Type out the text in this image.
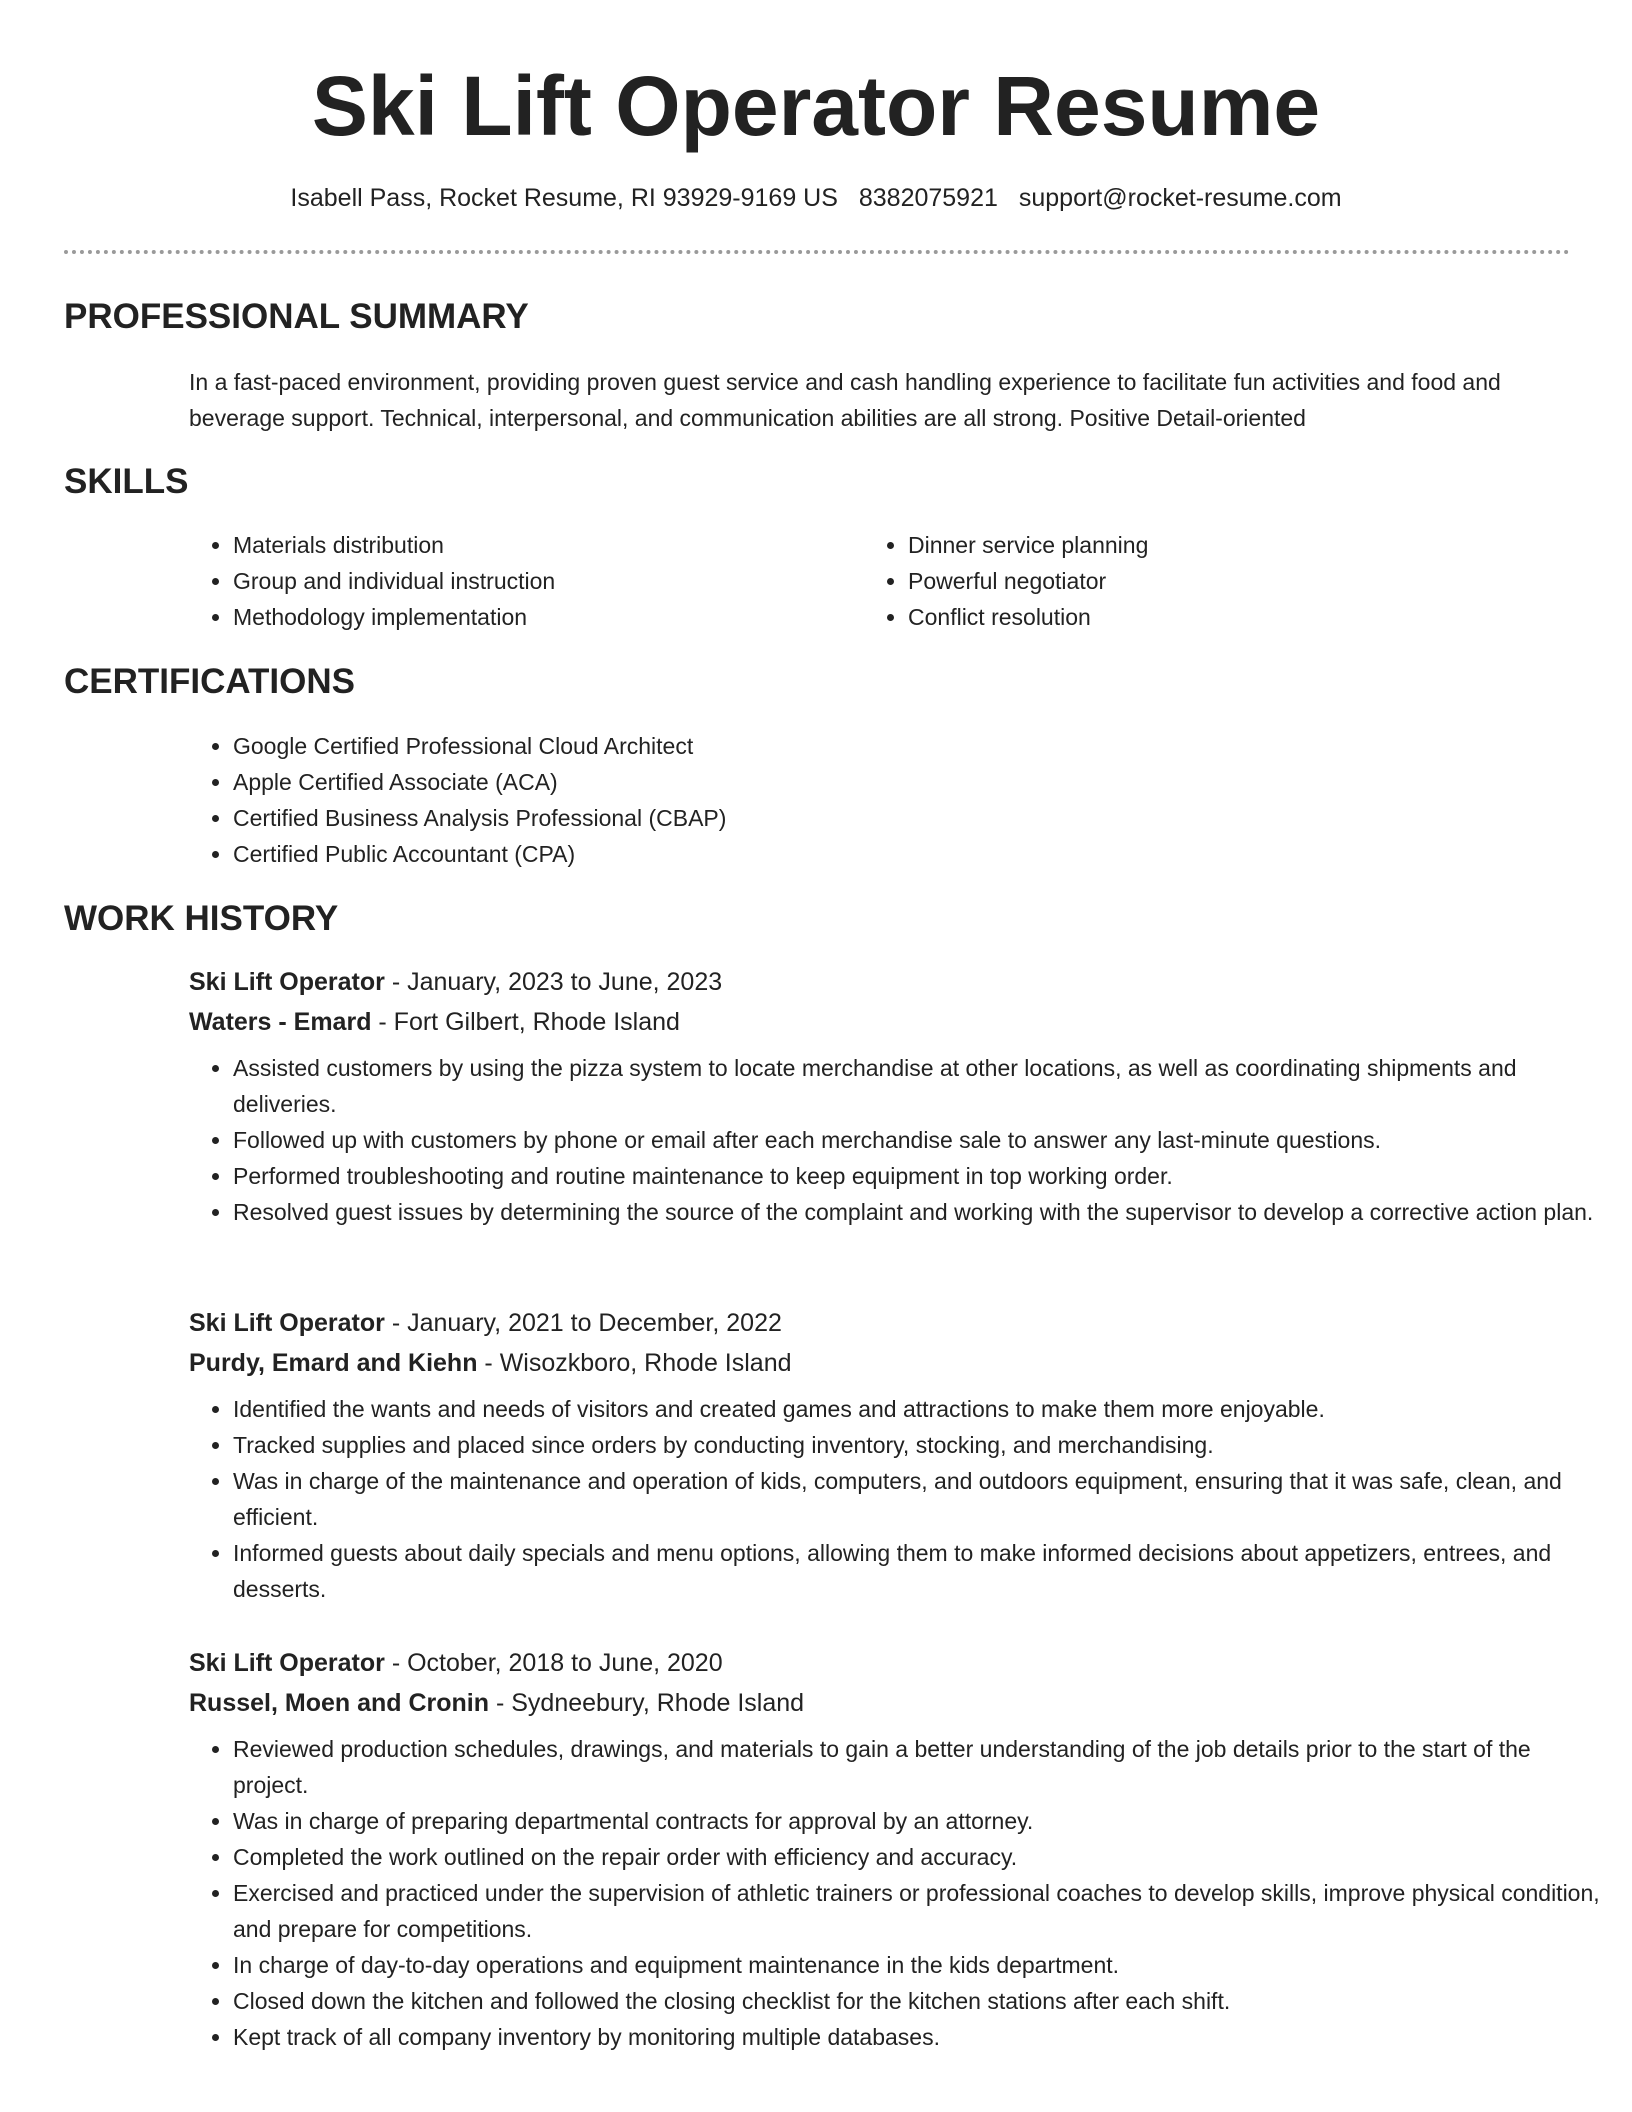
Ski Lift Operator Resume
Isabell Pass, Rocket Resume, RI 93929-9169 US 8382075921 support@rocket-resume.com
PROFESSIONAL SUMMARY

In a fast-paced environment, providing proven guest service and cash handling experience to facilitate fun activities and food and beverage support. Technical, interpersonal, and communication abilities are all strong. Positive Detail-oriented

SKILLS
• Materials distribution
• Group and individual instruction
• Methodology implementation
• Dinner service planning
• Powerful negotiator
• Conflict resolution
CERTIFICATIONS
• Google Certified Professional Cloud Architect
• Apple Certified Associate (ACA)
• Certified Business Analysis Professional (CBAP)
• Certified Public Accountant (CPA)
WORK HISTORY

Ski Lift Operator - January, 2023 to June, 2023

Waters - Emard - Fort Gilbert, Rhode Island

• Assisted customers by using the pizza system to locate merchandise at other locations, as well as coordinating shipments and deliveries.
• Followed up with customers by phone or email after each merchandise sale to answer any last-minute questions.
• Performed troubleshooting and routine maintenance to keep equipment in top working order.
• Resolved guest issues by determining the source of the complaint and working with the supervisor to develop a corrective action plan.

Ski Lift Operator - January, 2021 to December, 2022

Purdy, Emard and Kiehn - Wisozkboro, Rhode Island

• Identified the wants and needs of visitors and created games and attractions to make them more enjoyable.
• Tracked supplies and placed since orders by conducting inventory, stocking, and merchandising.
• Was in charge of the maintenance and operation of kids, computers, and outdoors equipment, ensuring that it was safe, clean, and efficient.
• Informed guests about daily specials and menu options, allowing them to make informed decisions about appetizers, entrees, and desserts.

Ski Lift Operator - October, 2018 to June, 2020

Russel, Moen and Cronin - Sydneebury, Rhode Island

• Reviewed production schedules, drawings, and materials to gain a better understanding of the job details prior to the start of the project.
• Was in charge of preparing departmental contracts for approval by an attorney.
• Completed the work outlined on the repair order with efficiency and accuracy.
• Exercised and practiced under the supervision of athletic trainers or professional coaches to develop skills, improve physical condition, and prepare for competitions.
• In charge of day-to-day operations and equipment maintenance in the kids department.
• Closed down the kitchen and followed the closing checklist for the kitchen stations after each shift.
• Kept track of all company inventory by monitoring multiple databases.
